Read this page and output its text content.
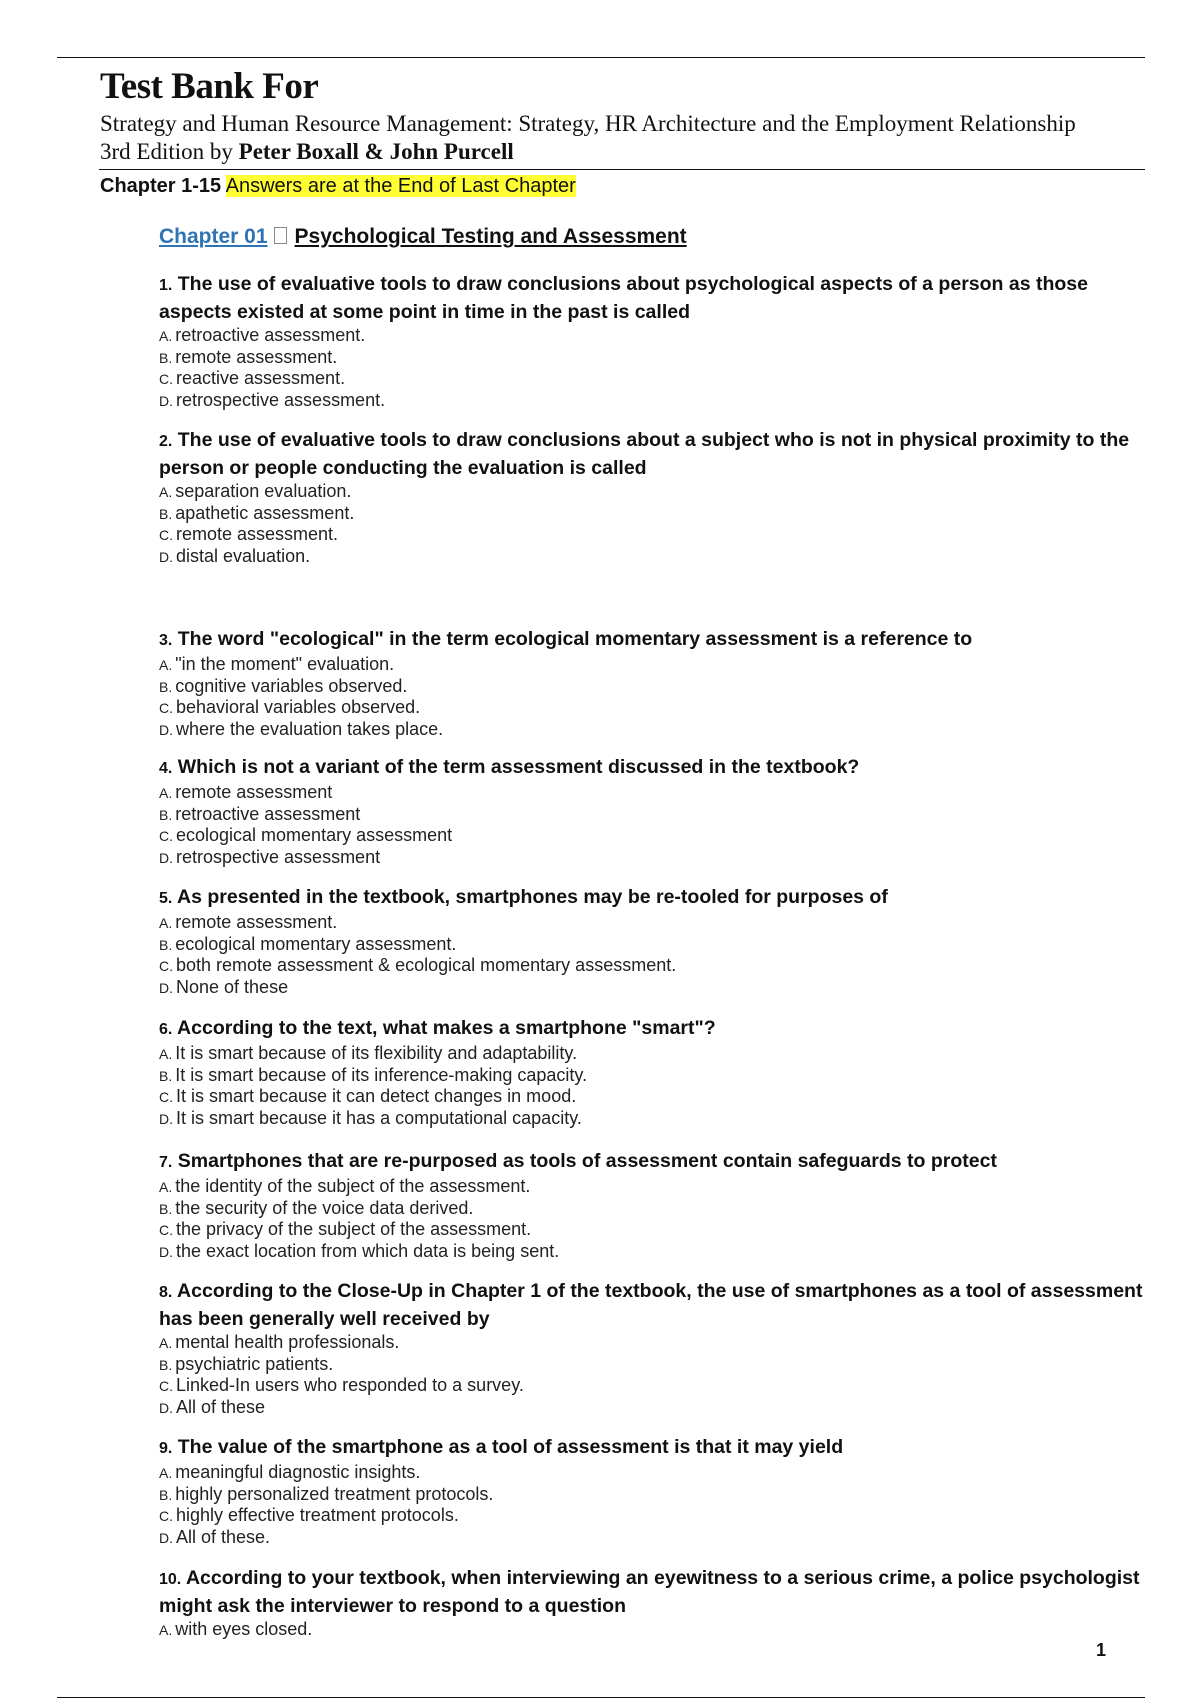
Test Bank For
Strategy and Human Resource Management: Strategy, HR Architecture and the Employment Relationship
3rd Edition by Peter Boxall & John Purcell
Chapter 1-15 Answers are at the End of Last Chapter
Chapter 01 Psychological Testing and Assessment
1. The use of evaluative tools to draw conclusions about psychological aspects of a person as those aspects existed at some point in time in the past is called
A. retroactive assessment.
B. remote assessment.
C. reactive assessment.
D. retrospective assessment.
2. The use of evaluative tools to draw conclusions about a subject who is not in physical proximity to the person or people conducting the evaluation is called
A. separation evaluation.
B. apathetic assessment.
C. remote assessment.
D. distal evaluation.
3. The word "ecological" in the term ecological momentary assessment is a reference to
A. "in the moment" evaluation.
B. cognitive variables observed.
C. behavioral variables observed.
D. where the evaluation takes place.
4. Which is not a variant of the term assessment discussed in the textbook?
A. remote assessment
B. retroactive assessment
C. ecological momentary assessment
D. retrospective assessment
5. As presented in the textbook, smartphones may be re-tooled for purposes of
A. remote assessment.
B. ecological momentary assessment.
C. both remote assessment & ecological momentary assessment.
D. None of these
6. According to the text, what makes a smartphone "smart"?
A. It is smart because of its flexibility and adaptability.
B. It is smart because of its inference-making capacity.
C. It is smart because it can detect changes in mood.
D. It is smart because it has a computational capacity.
7. Smartphones that are re-purposed as tools of assessment contain safeguards to protect
A. the identity of the subject of the assessment.
B. the security of the voice data derived.
C. the privacy of the subject of the assessment.
D. the exact location from which data is being sent.
8. According to the Close-Up in Chapter 1 of the textbook, the use of smartphones as a tool of assessment has been generally well received by
A. mental health professionals.
B. psychiatric patients.
C. Linked-In users who responded to a survey.
D. All of these
9. The value of the smartphone as a tool of assessment is that it may yield
A. meaningful diagnostic insights.
B. highly personalized treatment protocols.
C. highly effective treatment protocols.
D. All of these.
10. According to your textbook, when interviewing an eyewitness to a serious crime, a police psychologist might ask the interviewer to respond to a question
A. with eyes closed.
1
